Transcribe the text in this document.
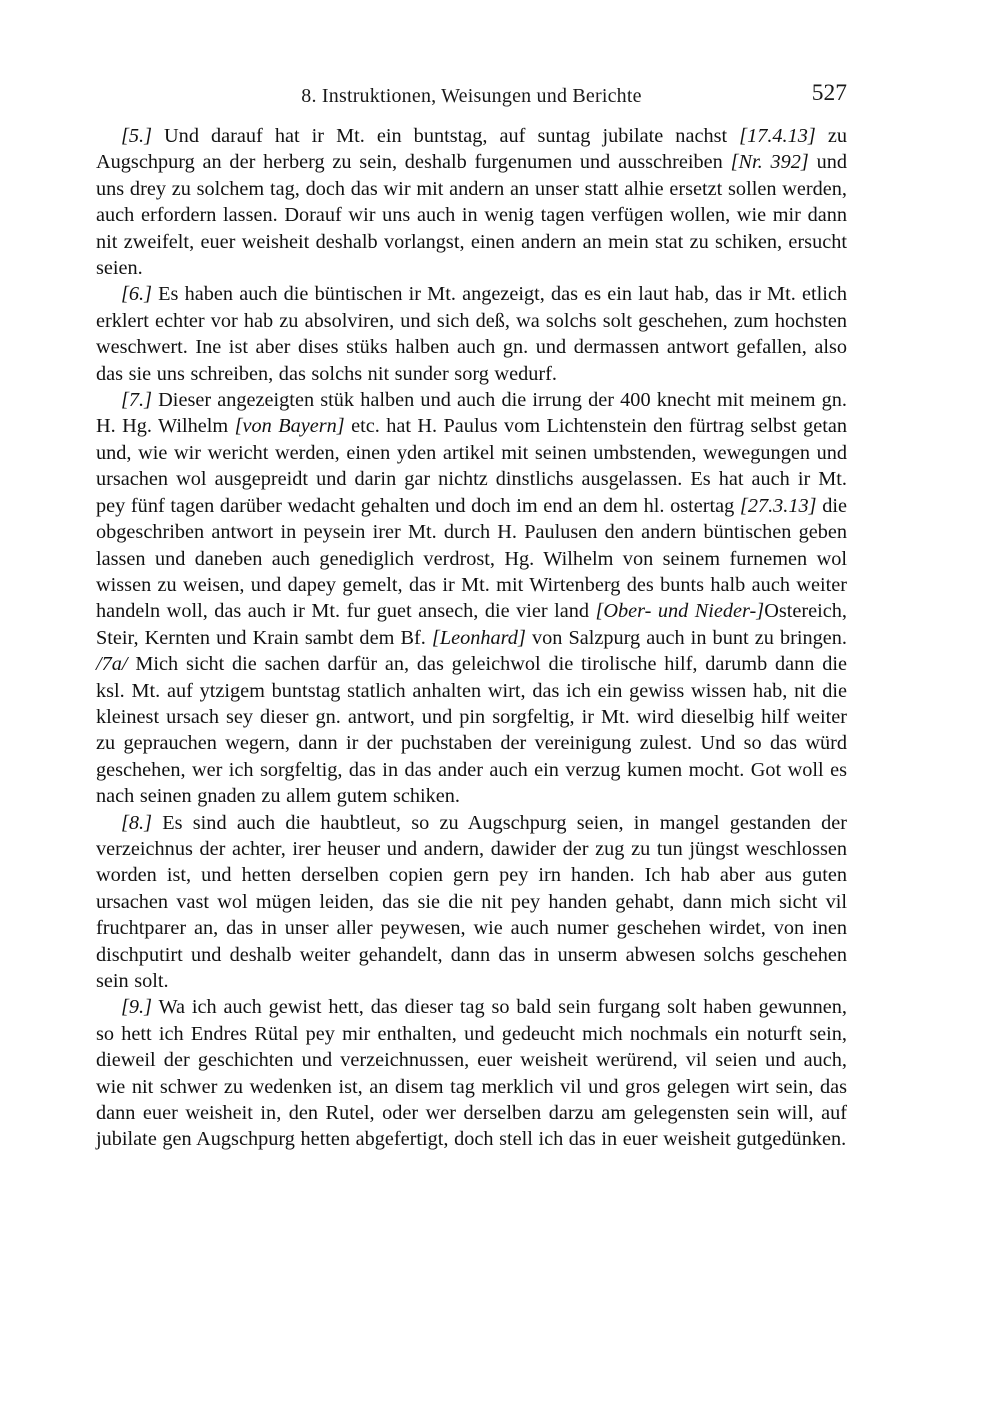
8. Instruktionen, Weisungen und Berichte	527

[5.] Und darauf hat ir Mt. ein buntstag, auf suntag jubilate nachst [17.4.13] zu Augschpurg an der herberg zu sein, deshalb furgenumen und ausschreiben [Nr. 392] und uns drey zu solchem tag, doch das wir mit andern an unser statt alhie ersetzt sollen werden, auch erfordern lassen. Dorauf wir uns auch in wenig tagen verfügen wollen, wie mir dann nit zweifelt, euer weisheit deshalb vorlangst, einen andern an mein stat zu schiken, ersucht seien.

[6.] Es haben auch die büntischen ir Mt. angezeigt, das es ein laut hab, das ir Mt. etlich erklert echter vor hab zu absolviren, und sich deß, wa solchs solt geschehen, zum hochsten weschwert. Ine ist aber dises stüks halben auch gn. und dermassen antwort gefallen, also das sie uns schreiben, das solchs nit sunder sorg wedurf.

[7.] Dieser angezeigten stük halben und auch die irrung der 400 knecht mit meinem gn. H. Hg. Wilhelm [von Bayern] etc. hat H. Paulus vom Lichtenstein den fürtrag selbst getan und, wie wir wericht werden, einen yden artikel mit seinen umbstenden, wewegungen und ursachen wol ausgepreidt und darin gar nichtz dinstlichs ausgelassen. Es hat auch ir Mt. pey fünf tagen darüber wedacht gehalten und doch im end an dem hl. ostertag [27.3.13] die obgeschriben antwort in peysein irer Mt. durch H. Paulusen den andern büntischen geben lassen und daneben auch genediglich verdrost, Hg. Wilhelm von seinem furnemen wol wissen zu weisen, und dapey gemelt, das ir Mt. mit Wirtenberg des bunts halb auch weiter handeln woll, das auch ir Mt. fur guet ansech, die vier land [Ober- und Nieder-]Ostereich, Steir, Kernten und Krain sambt dem Bf. [Leonhard] von Salzpurg auch in bunt zu bringen. /7a/ Mich sicht die sachen darfür an, das geleichwol die tirolische hilf, darumb dann die ksl. Mt. auf ytzigem buntstag statlich anhalten wirt, das ich ein gewiss wissen hab, nit die kleinest ursach sey dieser gn. antwort, und pin sorgfeltig, ir Mt. wird dieselbig hilf weiter zu geprauchen wegern, dann ir der puchstaben der vereinigung zulest. Und so das würd geschehen, wer ich sorgfeltig, das in das ander auch ein verzug kumen mocht. Got woll es nach seinen gnaden zu allem gutem schiken.

[8.] Es sind auch die haubtleut, so zu Augschpurg seien, in mangel gestanden der verzeichnus der achter, irer heuser und andern, dawider der zug zu tun jüngst weschlossen worden ist, und hetten derselben copien gern pey irn handen. Ich hab aber aus guten ursachen vast wol mügen leiden, das sie die nit pey handen gehabt, dann mich sicht vil fruchtparer an, das in unser aller peywesen, wie auch numer geschehen wirdet, von inen dischputirt und deshalb weiter gehandelt, dann das in unserm abwesen solchs geschehen sein solt.

[9.] Wa ich auch gewist hett, das dieser tag so bald sein furgang solt haben gewunnen, so hett ich Endres Rütal pey mir enthalten, und gedeucht mich nochmals ein noturft sein, dieweil der geschichten und verzeichnussen, euer weisheit werürend, vil seien und auch, wie nit schwer zu wedenken ist, an disem tag merklich vil und gros gelegen wirt sein, das dann euer weisheit in, den Rutel, oder wer derselben darzu am gelegensten sein will, auf jubilate gen Augschpurg hetten abgefertigt, doch stell ich das in euer weisheit gutgedünken.
